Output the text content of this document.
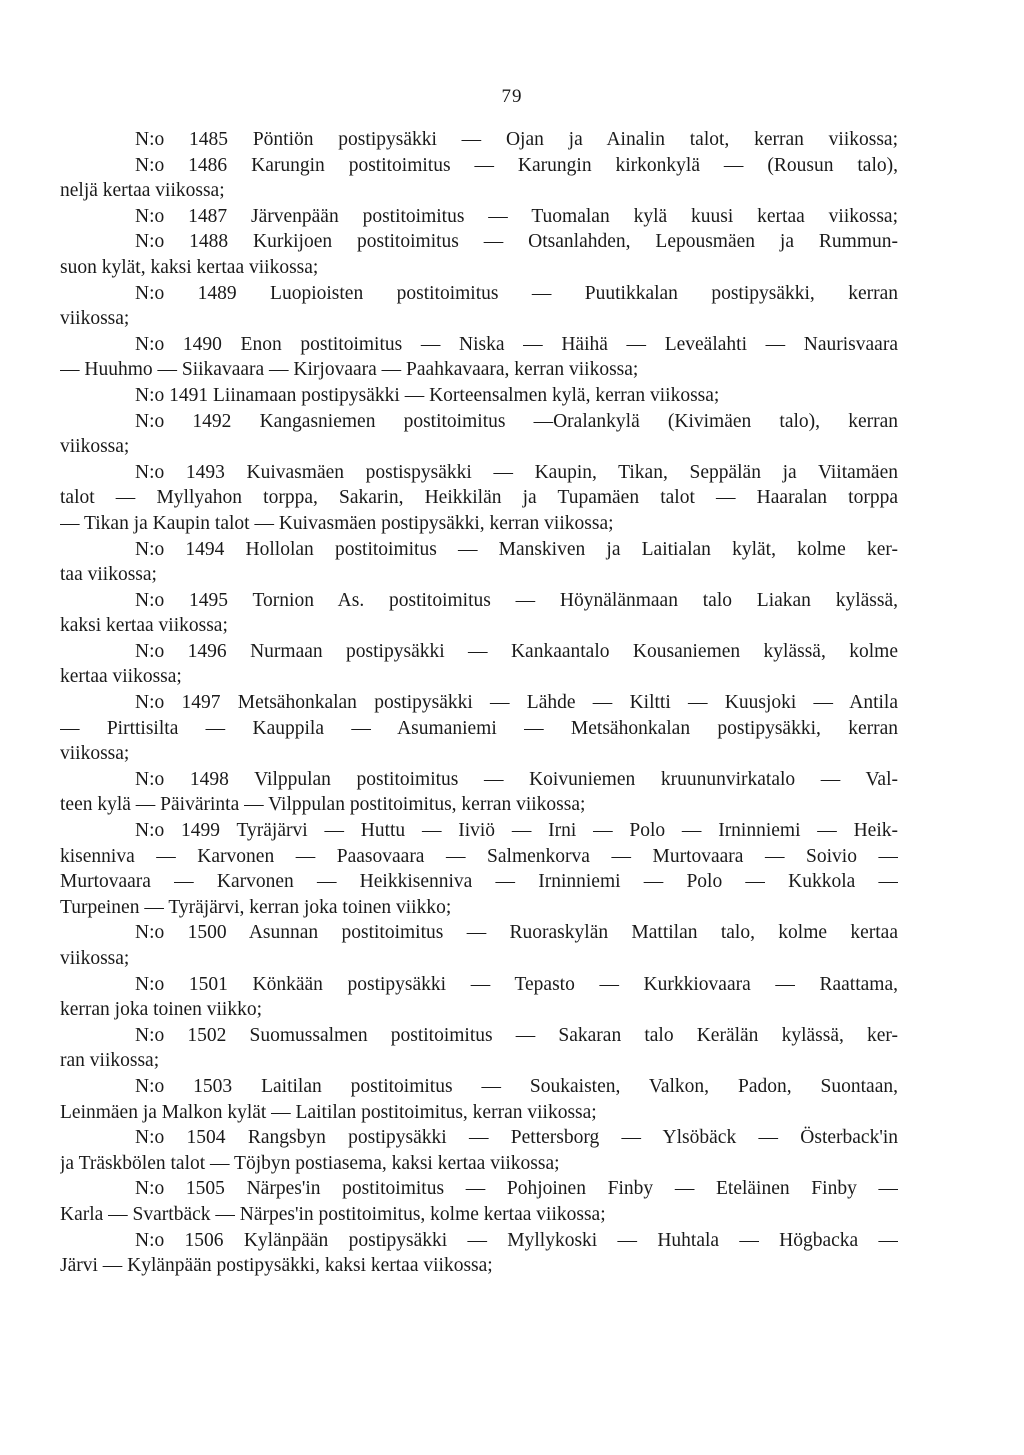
79
N:o 1485 Pöntiön postipysäkki — Ojan ja Ainalin talot, kerran viikossa;
N:o 1486 Karungin postitoimitus — Karungin kirkonkylä — (Rousun talo),
neljä kertaa viikossa;
N:o 1487 Järvenpään postitoimitus — Tuomalan kylä kuusi kertaa viikossa;
N:o 1488 Kurkijoen postitoimitus — Otsanlahden, Lepousmäen ja Rummun-
suon kylät, kaksi kertaa viikossa;
N:o 1489 Luopioisten postitoimitus — Puutikkalan postipysäkki, kerran
viikossa;
N:o 1490 Enon postitoimitus — Niska — Häihä — Leveälahti — Naurisvaara
— Huuhmo — Siikavaara — Kirjovaara — Paahkavaara, kerran viikossa;
N:o 1491 Liinamaan postipysäkki — Korteensalmen kylä, kerran viikossa;
N:o 1492 Kangasniemen postitoimitus —Oralankylä (Kivimäen talo), kerran
viikossa;
N:o 1493 Kuivasmäen postispysäkki — Kaupin, Tikan, Seppälän ja Viitamäen
talot — Myllyahon torppa, Sakarin, Heikkilän ja Tupamäen talot — Haaralan torppa
— Tikan ja Kaupin talot — Kuivasmäen postipysäkki, kerran viikossa;
N:o 1494 Hollolan postitoimitus — Manskiven ja Laitialan kylät, kolme ker-
taa viikossa;
N:o 1495 Tornion As. postitoimitus — Höynälänmaan talo Liakan kylässä,
kaksi kertaa viikossa;
N:o 1496 Nurmaan postipysäkki — Kankaantalo Kousaniemen kylässä, kolme
kertaa viikossa;
N:o 1497 Metsähonkalan postipysäkki — Lähde — Kiltti — Kuusjoki — Antila
— Pirttisilta — Kauppila — Asumaniemi — Metsähonkalan postipysäkki, kerran
viikossa;
N:o 1498 Vilppulan postitoimitus — Koivuniemen kruununvirkatalo — Val-
teen kylä — Päivärinta — Vilppulan postitoimitus, kerran viikossa;
N:o 1499 Tyräjärvi — Huttu — Iiviö — Irni — Polo — Irninniemi — Heik-
kisenniva — Karvonen — Paasovaara — Salmenkorva — Murtovaara — Soivio —
Murtovaara — Karvonen — Heikkisenniva — Irninniemi — Polo — Kukkola —
Turpeinen — Tyräjärvi, kerran joka toinen viikko;
N:o 1500 Asunnan postitoimitus — Ruoraskylän Mattilan talo, kolme kertaa
viikossa;
N:o 1501 Könkään postipysäkki — Tepasto — Kurkkiovaara — Raattama,
kerran joka toinen viikko;
N:o 1502 Suomussalmen postitoimitus — Sakaran talo Kerälän kylässä, ker-
ran viikossa;
N:o 1503 Laitilan postitoimitus — Soukaisten, Valkon, Padon, Suontaan,
Leinmäen ja Malkon kylät — Laitilan postitoimitus, kerran viikossa;
N:o 1504 Rangsbyn postipysäkki — Pettersborg — Ylsöbäck — Österback'in
ja Träskbölen talot — Töjbyn postiasema, kaksi kertaa viikossa;
N:o 1505 Närpes'in postitoimitus — Pohjoinen Finby — Eteläinen Finby —
Karla — Svartbäck — Närpes'in postitoimitus, kolme kertaa viikossa;
N:o 1506 Kylänpään postipysäkki — Myllykoski — Huhtala — Högbacka —
Järvi — Kylänpään postipysäkki, kaksi kertaa viikossa;
